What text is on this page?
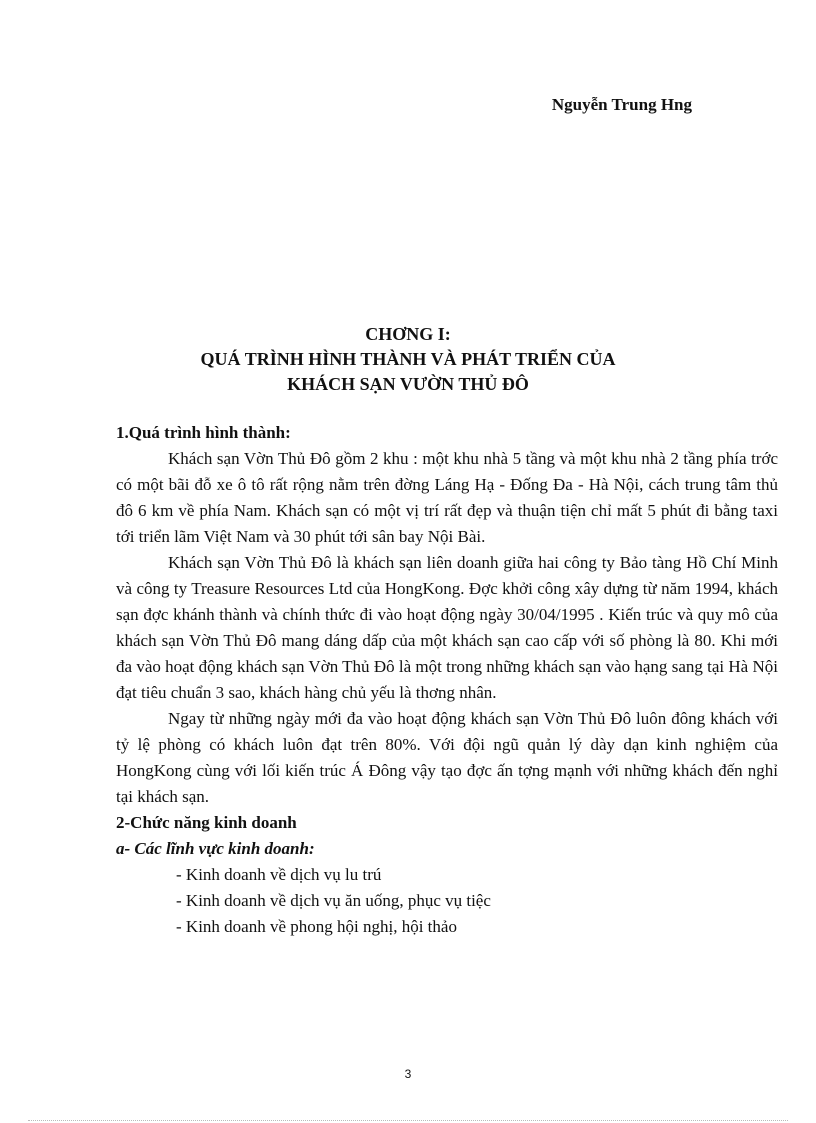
Nguyễn Trung Hng
CHƠNG I:
QUÁ TRÌNH HÌNH THÀNH VÀ PHÁT TRIỂN CỦA
KHÁCH SẠN VƯỜN THỦ ĐÔ

1.Quá trình hình thành:

Khách sạn Vờn Thủ Đô gồm 2 khu : một khu nhà 5 tầng và một khu nhà 2 tầng phía trớc có một bãi đỗ xe ô tô rất rộng nằm trên đờng Láng Hạ - Đống Đa - Hà Nội, cách trung tâm thủ đô 6 km về phía Nam. Khách sạn có một vị trí rất đẹp và thuận tiện chỉ mất 5 phút đi bằng taxi tới triển lãm Việt Nam và 30 phút tới sân bay Nội Bài.

Khách sạn Vờn Thủ Đô là khách sạn liên doanh giữa hai công ty Bảo tàng Hồ Chí Minh và công ty Treasure Resources Ltd của HongKong. Đợc khởi công xây dựng từ năm 1994, khách sạn đợc khánh thành và chính thức đi vào hoạt động ngày 30/04/1995 . Kiến trúc và quy mô của khách sạn Vờn Thủ Đô mang dáng dấp của một khách sạn cao cấp với số phòng là 80. Khi mới đa vào hoạt động khách sạn Vờn Thủ Đô là một trong những khách sạn vào hạng sang tại Hà Nội đạt tiêu chuẩn 3 sao, khách hàng chủ yếu là thơng nhân.

Ngay từ những ngày mới đa vào hoạt động khách sạn Vờn Thủ Đô luôn đông khách với tỷ lệ phòng có khách luôn đạt trên 80%. Với đội ngũ quản lý dày dạn kinh nghiệm của HongKong cùng với lối kiến trúc Á Đông vậy tạo đợc ấn tợng mạnh với những khách đến nghỉ tại khách sạn.

2-Chức năng kinh doanh

a- Các lĩnh vực kinh doanh:

- Kinh doanh về dịch vụ lu trú

- Kinh doanh về dịch vụ ăn uống, phục vụ tiệc

- Kinh doanh về phong hội nghị, hội thảo

3
